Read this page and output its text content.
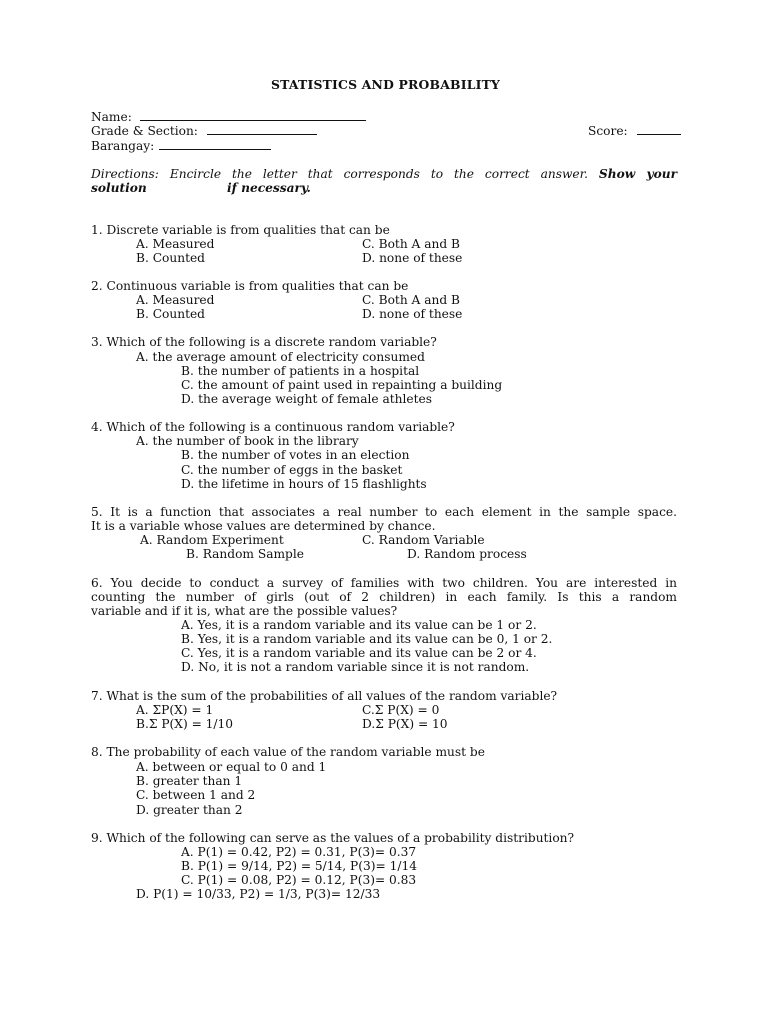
STATISTICS AND PROBABILITY
Name:
Grade & Section:	Score:
Barangay:
Directions: Encircle the letter that corresponds to the correct answer. Show your
solution	if necessary.
1. Discrete variable is from qualities that can be
A. Measured	C. Both A and B
B. Counted	D. none of these
2. Continuous variable is from qualities that can be
A. Measured	C. Both A and B
B. Counted	D. none of these
3. Which of the following is a discrete random variable?
A. the average amount of electricity consumed
B. the number of patients in a hospital
C. the amount of paint used in repainting a building
D. the average weight of female athletes
4. Which of the following is a continuous random variable?
A. the number of book in the library
B. the number of votes in an election
C. the number of eggs in the basket
D. the lifetime in hours of 15 flashlights
5. It is a function that associates a real number to each element in the sample space.
It is a variable whose values are determined by chance.
A. Random Experiment	C. Random Variable
B. Random Sample	D. Random process
6. You decide to conduct a survey of families with two children. You are interested in
counting the number of girls (out of 2 children) in each family. Is this a random
variable and if it is, what are the possible values?
A. Yes, it is a random variable and its value can be 1 or 2.
B. Yes, it is a random variable and its value can be 0, 1 or 2.
C. Yes, it is a random variable and its value can be 2 or 4.
D. No, it is not a random variable since it is not random.
7. What is the sum of the probabilities of all values of the random variable?
A. ΣP(X) = 1	C.Σ P(X) = 0
B.Σ P(X) = 1/10	D.Σ P(X) = 10
8. The probability of each value of the random variable must be
A. between or equal to 0 and 1
B. greater than 1
C. between 1 and 2
D. greater than 2
9. Which of the following can serve as the values of a probability distribution?
A. P(1) = 0.42, P2) = 0.31, P(3)= 0.37
B. P(1) = 9/14, P2) = 5/14, P(3)= 1/14
C. P(1) = 0.08, P2) = 0.12, P(3)= 0.83
D. P(1) = 10/33, P2) = 1/3, P(3)= 12/33
